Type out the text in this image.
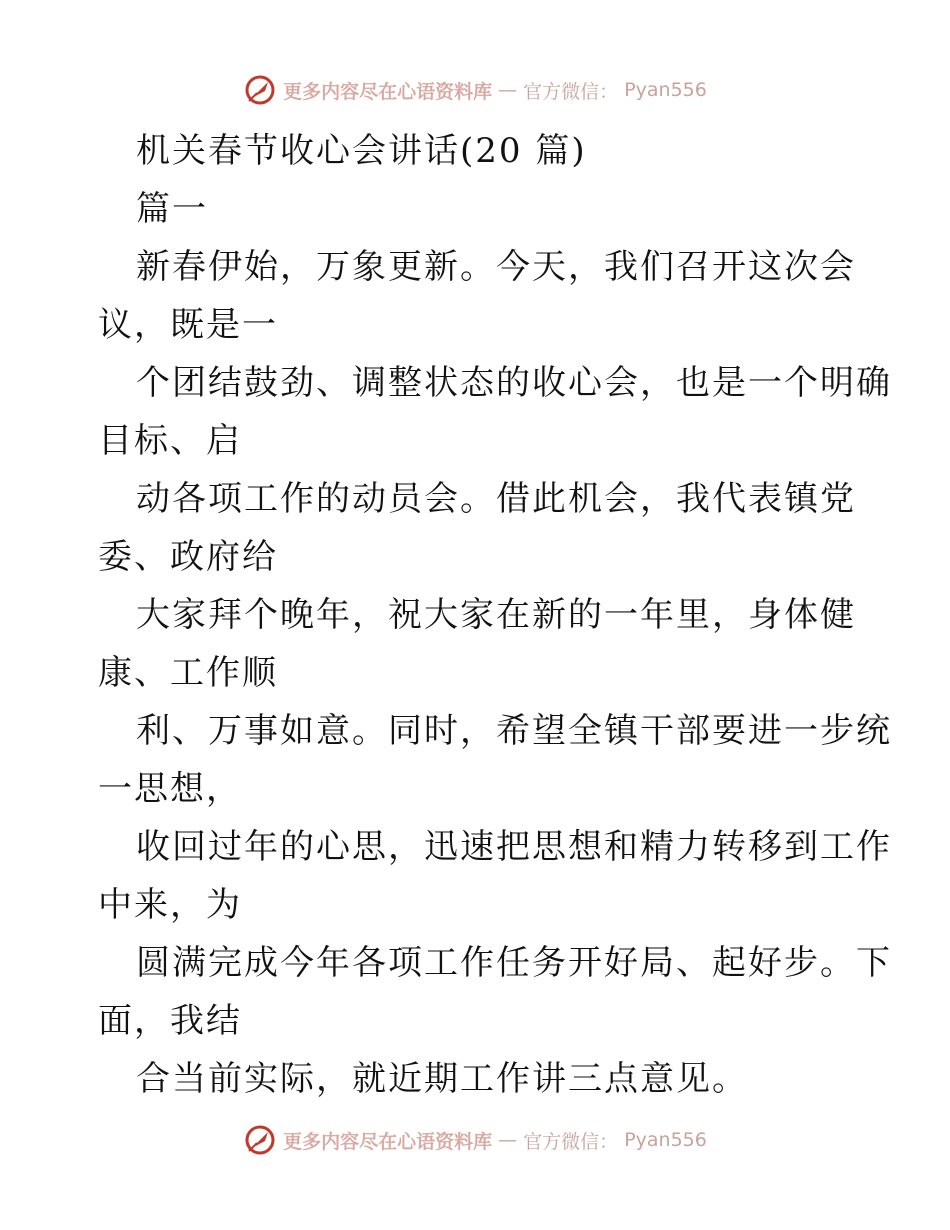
更多内容尽在心语资料库 — 官方微信： Pyan556
机关春节收心会讲话(20 篇)
篇一
新春伊始，万象更新。今天，我们召开这次会
议，既是一
个团结鼓劲、调整状态的收心会，也是一个明确
目标、启
动各项工作的动员会。借此机会，我代表镇党
委、政府给
大家拜个晚年，祝大家在新的一年里，身体健
康、工作顺
利、万事如意。同时，希望全镇干部要进一步统
一思想，
收回过年的心思，迅速把思想和精力转移到工作
中来，为
圆满完成今年各项工作任务开好局、起好步。下
面，我结
合当前实际，就近期工作讲三点意见。
更多内容尽在心语资料库 — 官方微信： Pyan556
